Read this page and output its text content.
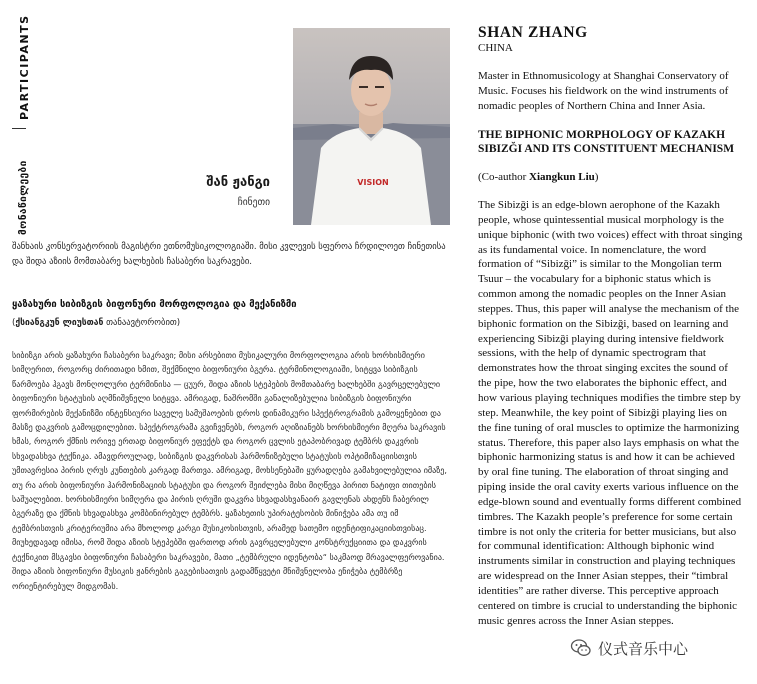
PARTICIPANTS
მონაწილეები	VISION
შან ჟანგი
ჩინეთი
შანხაის კონსერვატორიის მაგისტრი ეთნომუსიკოლოგიაში. მისი კვლევის სფეროა ჩრდილოეთ ჩინეთისა და შიდა აზიის მომთაბარე ხალხების ჩასაბერი საკრავები.
ყაზახური სიბიზგის ბიფონური მორფოლოგია და მექანიზმი
(ქსიანგკუნ ლიუსთან თანაავტორობით)
სიბიზგი არის ყაზახური ჩასაბერი საკრავი; მისი არსებითი მუსიკალური მორფოლოგია არის ხორხისმიერი სიმღერით, როგორც ძირითადი ხმით, შექმნილი ბიფონიური ბგერა. ტერმინოლოგიაში, სიტყვა სიბიზგის წარმოება ჰგავს მონღოლური ტერმინისა — ცუურ, შიდა აზიის სტეპების მომთაბარე ხალხებში გავრცელებული ბიფონიური სტატუსის აღმნიშვნელი სიტყვა. ამრიგად, ნაშრომში განალიზებულია სიბიზგის ბიფონიური ფორმირების მექანიზმი ინტენსიური საველე სამუშაოების დროს დინამიკური სპექტროგრამის გამოყენებით და მასზე დაკვრის გამოცდილებით. სპექტროგრამა გვიჩვენებს, როგორ აღიზიანებს ხორხისმიერი მღერა საკრავის ხმას, როგორ ქმნის ორივე ერთად ბიფონიურ ეფექტს და როგორ ცვლის ეტაპობრივად ტემბრს დაკვრის სხვადასხვა ტექნიკა. ამავდროულად, სიბიზგის დაკვრისას ჰარმონიზებული სტატუსის ოპტიმიზაციისთვის უმთავრესია პირის ღრუს კუნთების კარგად მართვა. ამრიგად, მოხსენებაში ყურადღება გამახვილებულია იმაზე, თუ რა არის ბიფონიური ჰარმონიზაციის სტატუსი და როგორ შეიძლება მისი მიღწევა პირით ნატიფი თითების საშუალებით. ხორხისმიერი სიმღერა და პირის ღრუში დაკვრა სხვადასხვანაირ გავლენას ახდენს ჩაბერილ ბგერაზე და ქმნის სხვადასხვა კომბინირებულ ტემბრს. ყაზახეთის უპირატესობის მინიჭება ამა თუ იმ ტემბრისთვის კრიტერიუმია არა მხოლოდ კარგი მუსიკოსისთვის, არამედ სათემო იდენტიფიკაციისთვისაც. მიუხედავად იმისა, რომ შიდა აზიის სტეპებში ფართოდ არის გავრცელებული კონსტრუქციითა და დაკვრის ტექნიკით მსგავსი ბიფონიური ჩასაბერი საკრავები, მათი „ტემბრული იდენტობა“ საკმაოდ მრავალფეროვანია. შიდა აზიის ბიფონიური მუსიკის ჟანრების გაგებისათვის გადამწყვეტი მნიშვნელობა ენიჭება ტემბრზე ორიენტირებულ მიდგომას.
SHAN ZHANG
CHINA
Master in Ethnomusicology at Shanghai Conservatory of Music. Focuses his fieldwork on the wind instruments of nomadic peoples of Northern China and Inner Asia.
THE BIPHONIC MORPHOLOGY OF KAZAKH SIBIZĞI AND ITS CONSTITUENT MECHANISM
(Co-author Xiangkun Liu)
The Sibizği is an edge-blown aerophone of the Kazakh people, whose quintessential musical morphology is the unique biphonic (with two voices) effect with throat singing as its fundamental voice. In nomenclature, the word formation of “Sibizği” is similar to the Mongolian term Tsuur – the vocabulary for a biphonic status which is common among the nomadic peoples on the Inner Asian steppes. Thus, this paper will analyse the mechanism of the biphonic formation on the Sibizği, based on learning and experiencing Sibizği playing during intensive fieldwork sessions, with the help of dynamic spectrogram that demonstrates how the throat singing excites the sound of the pipe, how the two elaborates the biphonic effect, and how various playing techniques modifies the timbre step by step. Meanwhile, the key point of Sibizği playing lies on the fine tuning of oral muscles to optimize the harmonizing status. Therefore, this paper also lays emphasis on what the biphonic harmonizing status is and how it can be achieved by oral fine tuning. The elaboration of throat singing and piping inside the oral cavity exerts various influence on the edge-blown sound and eventually forms different combined timbres. The Kazakh people’s preference for some certain timbre is not only the criteria for better musicians, but also for communal identification: Although biphonic wind instruments similar in construction and playing techniques are widespread on the Inner Asian steppes, their “timbral identities” are rather diverse. This perceptive approach centered on timbre is crucial to understanding the biphonic music genres across the Inner Asian steppes.
仪式音乐中心
